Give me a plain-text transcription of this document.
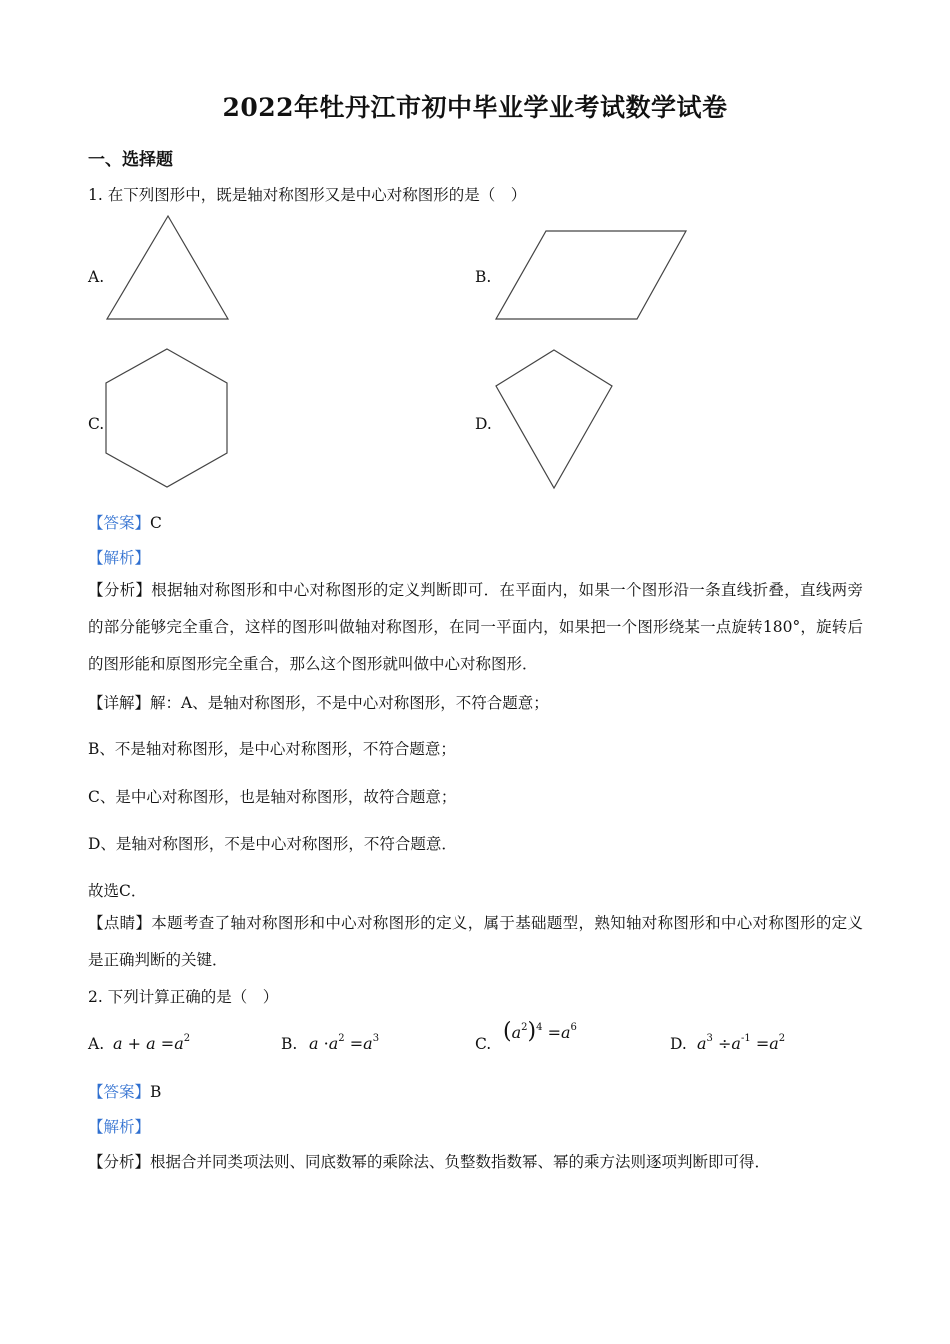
2022年牡丹江市初中毕业学业考试数学试卷
一、选择题
1. 在下列图形中，既是轴对称图形又是中心对称图形的是（　）
A.	B.
C.	D.
【答案】C
【解析】
【分析】根据轴对称图形和中心对称图形的定义判断即可．在平面内，如果一个图形沿一条直线折叠，直线两旁的部分能够完全重合，这样的图形叫做轴对称图形，在同一平面内，如果把一个图形绕某一点旋转180°，旋转后的图形能和原图形完全重合，那么这个图形就叫做中心对称图形．
【详解】解：A、是轴对称图形，不是中心对称图形，不符合题意；
B、不是轴对称图形，是中心对称图形，不符合题意；
C、是中心对称图形，也是轴对称图形，故符合题意；
D、是轴对称图形，不是中心对称图形，不符合题意．
故选C．
【点睛】本题考查了轴对称图形和中心对称图形的定义，属于基础题型，熟知轴对称图形和中心对称图形的定义是正确判断的关键．
2. 下列计算正确的是（　）
A. $a + a =a^2$	B. $a \cdot a^2 =a^3$	C. $(a^2)^4 =a^6$
D. $a^3 \div a^{-1} =a^2$
【答案】B
【解析】
【分析】根据合并同类项法则、同底数幂的乘除法、负整数指数幂、幂的乘方法则逐项判断即可得．
